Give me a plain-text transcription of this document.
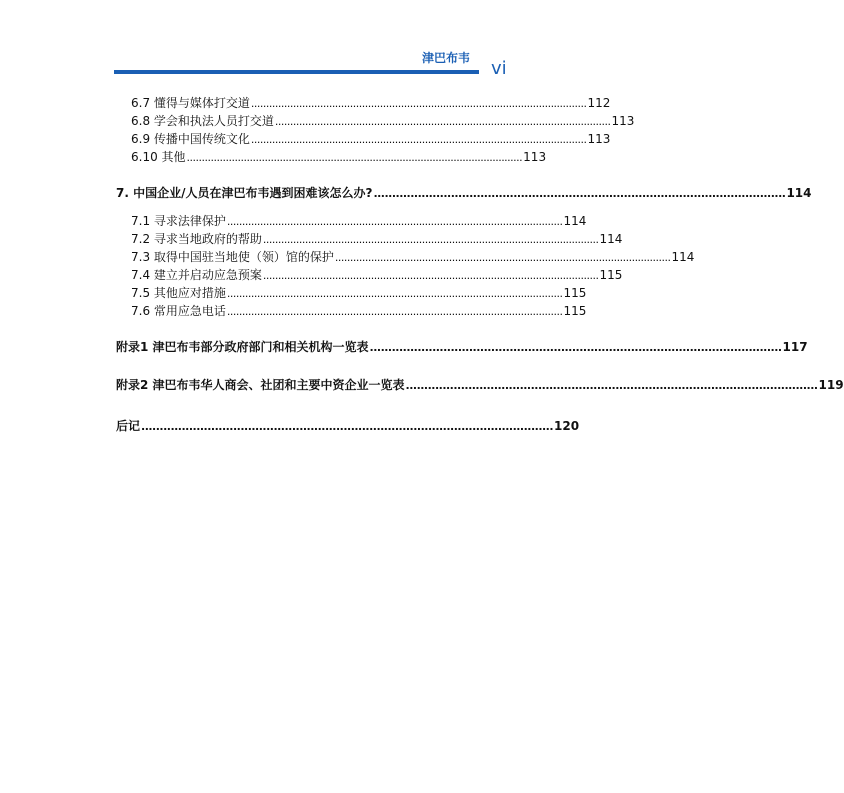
津巴布韦 vi
6.7 懂得与媒体打交道 ................................................................................................................ 112
6.8 学会和执法人员打交道 ................................................................................................................ 113
6.9 传播中国传统文化 ................................................................................................................ 113
6.10 其他 ................................................................................................................ 113
7. 中国企业/人员在津巴布韦遇到困难该怎么办? ................................................................................................................ 114
7.1 寻求法律保护 ................................................................................................................ 114
7.2 寻求当地政府的帮助 ................................................................................................................ 114
7.3 取得中国驻当地使（领）馆的保护 ................................................................................................................ 114
7.4 建立并启动应急预案 ................................................................................................................ 115
7.5 其他应对措施 ................................................................................................................ 115
7.6 常用应急电话 ................................................................................................................ 115
附录1 津巴布韦部分政府部门和相关机构一览表 ................................................................................................................ 117
附录2 津巴布韦华人商会、社团和主要中资企业一览表 ................................................................................................................ 119
后记 ................................................................................................................ 120
